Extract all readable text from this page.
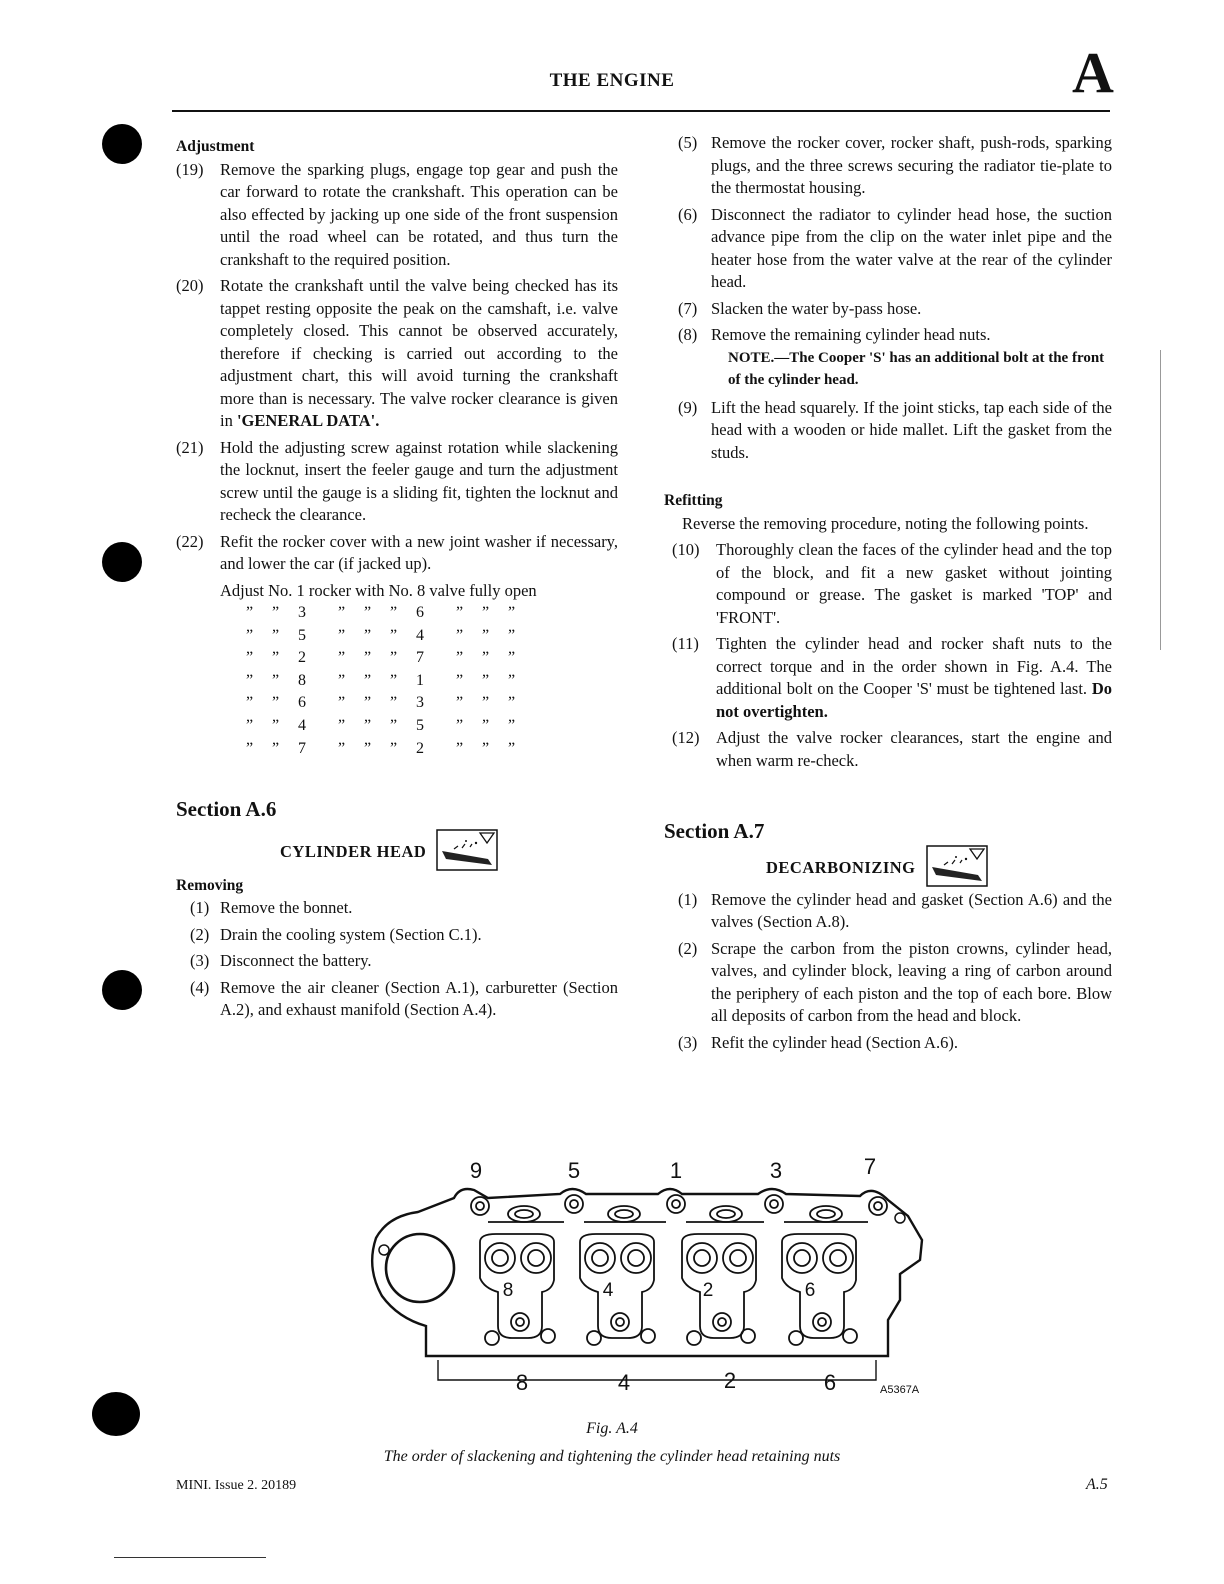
THE ENGINE	A
Adjustment
(19)	Remove the sparking plugs, engage top gear and push the car forward to rotate the crankshaft. This operation can be also effected by jacking up one side of the front suspension until the road wheel can be rotated, and thus turn the crankshaft to the required position.
(20)	Rotate the crankshaft until the valve being checked has its tappet resting opposite the peak on the camshaft, i.e. valve completely closed. This cannot be observed accurately, therefore if checking is carried out according to the adjustment chart, this will avoid turning the crankshaft more than is necessary. The valve rocker clearance is given in 'GENERAL DATA'.
(21)	Hold the adjusting screw against rotation while slackening the locknut, insert the feeler gauge and turn the adjustment screw until the gauge is a sliding fit, tighten the locknut and recheck the clearance.
(22)	Refit the rocker cover with a new joint washer if necessary, and lower the car (if jacked up).
Adjust No. 1 rocker with No. 8 valve fully open
”	”	3	”	”	”	6	”	”	”
”	”	5	”	”	”	4	”	”	”
”	”	2	”	”	”	7	”	”	”
”	”	8	”	”	”	1	”	”	”
”	”	6	”	”	”	3	”	”	”
”	”	4	”	”	”	5	”	”	”
”	”	7	”	”	”	2	”	”	”
Section A.6
CYLINDER HEAD
Removing
(1) Remove the bonnet.
(2) Drain the cooling system (Section C.1).
(3) Disconnect the battery.
(4) Remove the air cleaner (Section A.1), carburetter (Section A.2), and exhaust manifold (Section A.4).
(5) Remove the rocker cover, rocker shaft, push-rods, sparking plugs, and the three screws securing the radiator tie-plate to the thermostat housing.
(6) Disconnect the radiator to cylinder head hose, the suction advance pipe from the clip on the water inlet pipe and the heater hose from the water valve at the rear of the cylinder head.
(7) Slacken the water by-pass hose.
(8) Remove the remaining cylinder head nuts.
NOTE.—The Cooper 'S' has an additional bolt at the front of the cylinder head.
(9) Lift the head squarely. If the joint sticks, tap each side of the head with a wooden or hide mallet. Lift the gasket from the studs.
Refitting
Reverse the removing procedure, noting the following points.
(10)	Thoroughly clean the faces of the cylinder head and the top of the block, and fit a new gasket without jointing compound or grease. The gasket is marked 'TOP' and 'FRONT'.
(11)	Tighten the cylinder head and rocker shaft nuts to the correct torque and in the order shown in Fig. A.4. The additional bolt on the Cooper 'S' must be tightened last. Do not overtighten.
(12)	Adjust the valve rocker clearances, start the engine and when warm re-check.
Section A.7
DECARBONIZING
(1) Remove the cylinder head and gasket (Section A.6) and the valves (Section A.8).
(2) Scrape the carbon from the piston crowns, cylinder head, valves, and cylinder block, leaving a ring of carbon around the periphery of each piston and the top of each bore. Blow all deposits of carbon from the head and block.
(3) Refit the cylinder head (Section A.6).
9	5	1	3	7
8	4	2	6
8	4	2	6	A5367A
Fig. A.4
The order of slackening and tightening the cylinder head retaining nuts
MINI. Issue 2. 20189	A.5
